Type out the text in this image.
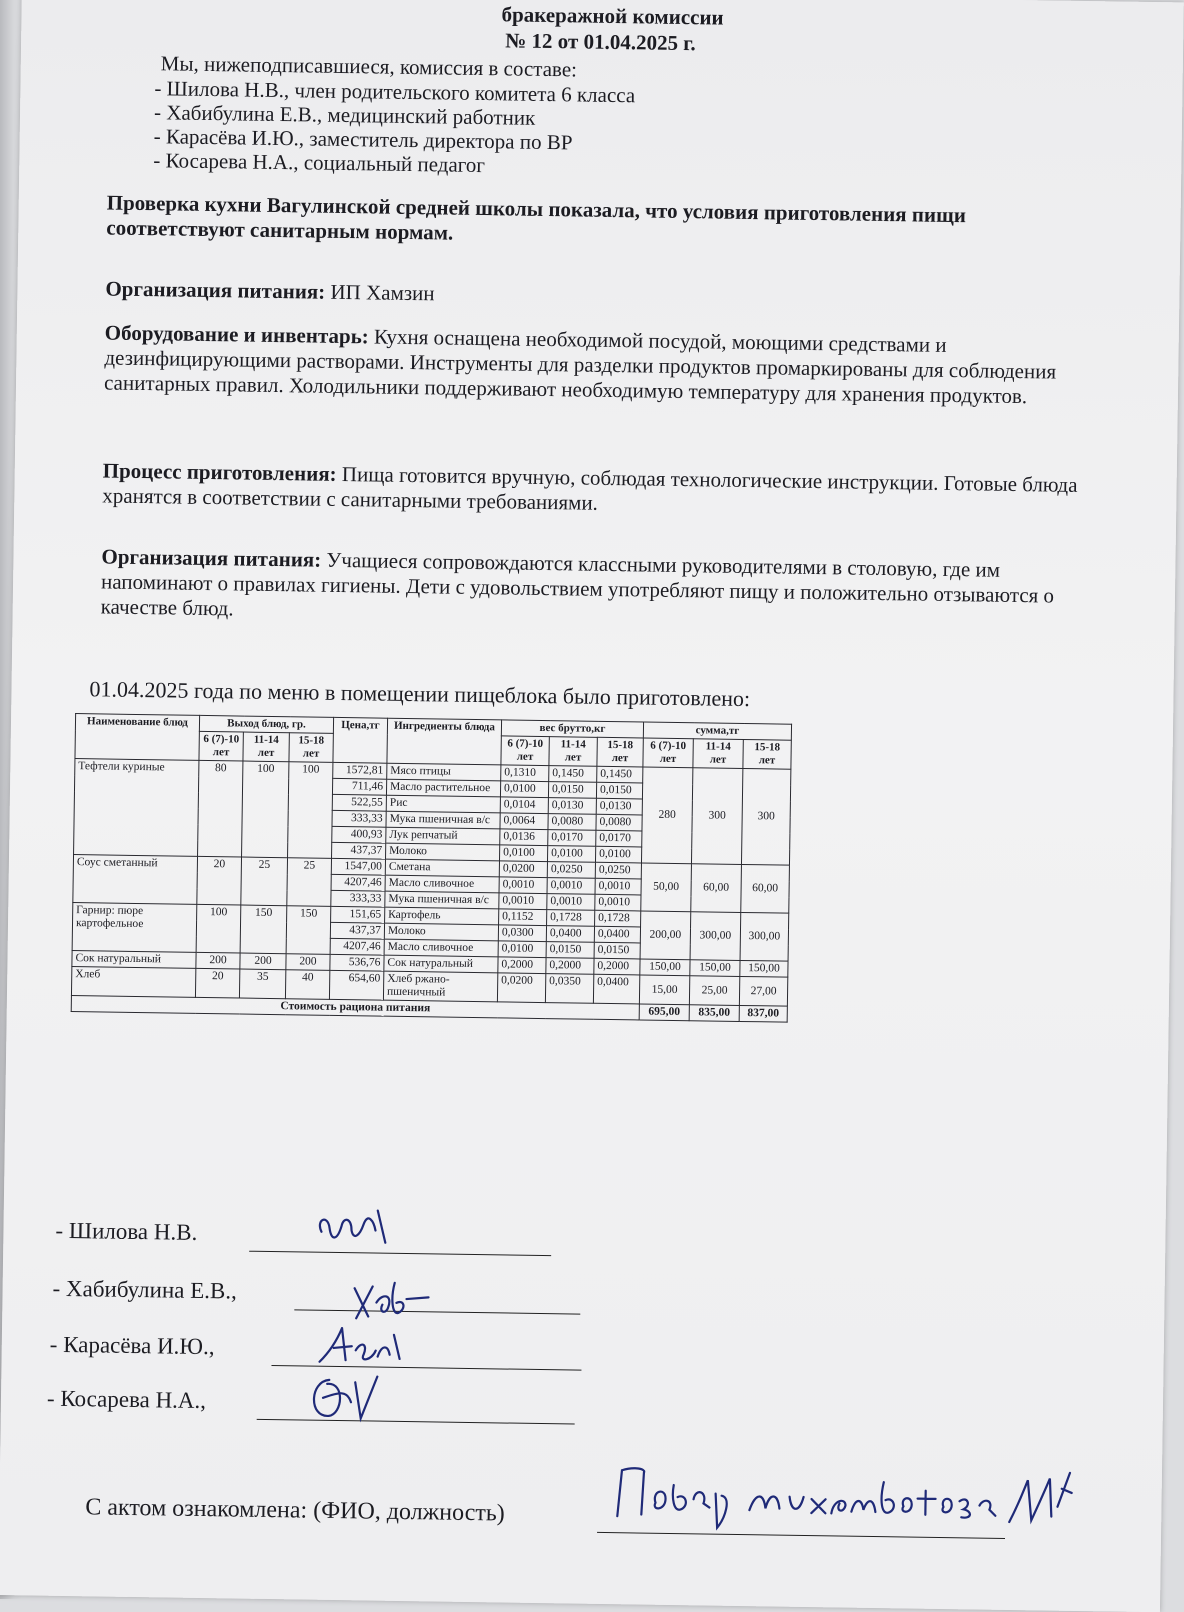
бракеражной комиссии
№ 12 от 01.04.2025 г.
Мы, нижеподписавшиеся, комиссия в составе:
- Шилова Н.В., член родительского комитета 6 класса
- Хабибулина Е.В., медицинский работник
- Карасёва И.Ю., заместитель директора по ВР
- Косарева Н.А., социальный педагог
Проверка кухни Вагулинской средней школы показала, что условия приготовления пищи соответствуют санитарным нормам.
Организация питания: ИП Хамзин
Оборудование и инвентарь: Кухня оснащена необходимой посудой, моющими средствами и дезинфицирующими растворами. Инструменты для разделки продуктов промаркированы для соблюдения санитарных правил. Холодильники поддерживают необходимую температуру для хранения продуктов.
Процесс приготовления: Пища готовится вручную, соблюдая технологические инструкции. Готовые блюда хранятся в соответствии с санитарными требованиями.
Организация питания: Учащиеся сопровождаются классными руководителями в столовую, где им напоминают о правилах гигиены. Дети с удовольствием употребляют пищу и положительно отзываются о качестве блюд.
01.04.2025 года по меню в помещении пищеблока было приготовлено:
Наименование блюд	Выход блюд, гр.			Цена,тг	Ингредиенты блюда	вес брутто,кг			сумма,тг		
	6 (7)-10 лет	11-14 лет	15-18 лет			6 (7)-10 лет	11-14 лет	15-18 лет	6 (7)-10 лет	11-14 лет	15-18 лет
Тефтели куриные	80	100	100	1572,81	Мясо птицы	0,1310	0,1450	0,1450	280	300	300
				711,46	Масло растительное	0,0100	0,0150	0,0150			
				522,55	Рис	0,0104	0,0130	0,0130			
				333,33	Мука пшеничная в/с	0,0064	0,0080	0,0080			
				400,93	Лук репчатый	0,0136	0,0170	0,0170			
				437,37	Молоко	0,0100	0,0100	0,0100			
Соус сметанный	20	25	25	1547,00	Сметана	0,0200	0,0250	0,0250	50,00	60,00	60,00
				4207,46	Масло сливочное	0,0010	0,0010	0,0010			
				333,33	Мука пшеничная в/с	0,0010	0,0010	0,0010			
Гарнир: пюре картофельное	100	150	150	151,65	Картофель	0,1152	0,1728	0,1728	200,00	300,00	300,00
				437,37	Молоко	0,0300	0,0400	0,0400			
				4207,46	Масло сливочное	0,0100	0,0150	0,0150			
Сок натуральный	200	200	200	536,76	Сок натуральный	0,2000	0,2000	0,2000	150,00	150,00	150,00
Хлеб	20	35	40	654,60	Хлеб ржано-пшеничный	0,0200	0,0350	0,0400	15,00	25,00	27,00
Стоимость рациона питания									695,00	835,00	837,00
- Шилова Н.В.
- Хабибулина Е.В.,
- Карасёва И.Ю.,
- Косарева Н.А.,
С актом ознакомлена: (ФИО, должность)
